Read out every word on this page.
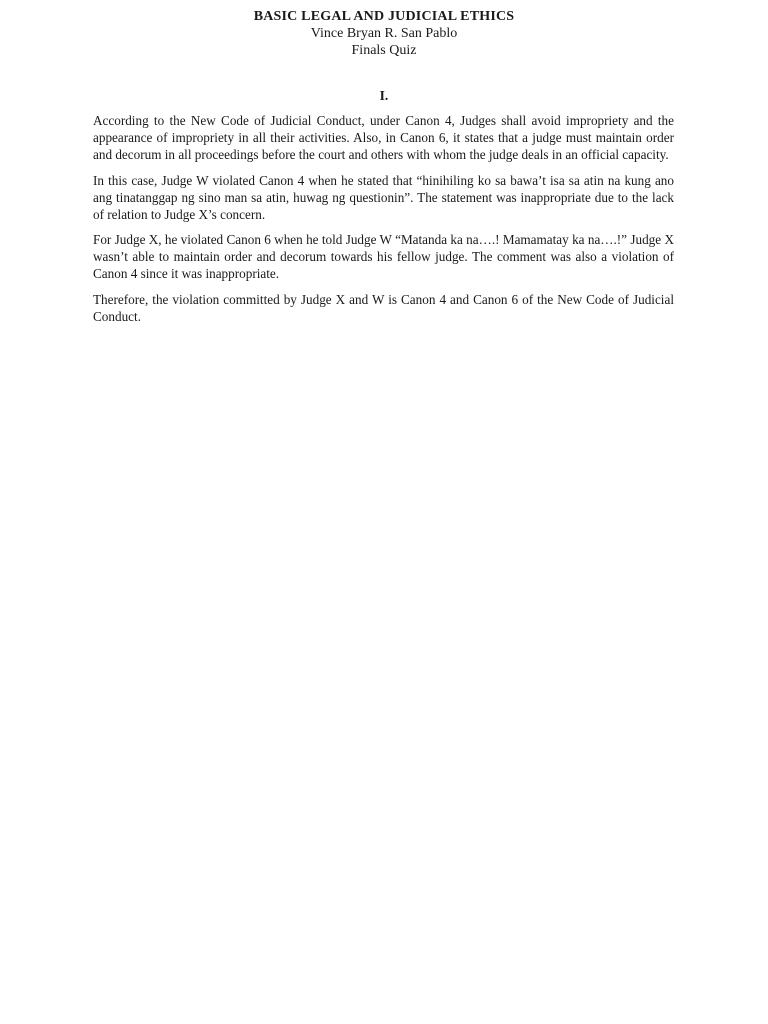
BASIC LEGAL AND JUDICIAL ETHICS

Vince Bryan R. San Pablo

Finals Quiz

I.

According to the New Code of Judicial Conduct, under Canon 4, Judges shall avoid impropriety and the appearance of impropriety in all their activities. Also, in Canon 6, it states that a judge must maintain order and decorum in all proceedings before the court and others with whom the judge deals in an official capacity.

In this case, Judge W violated Canon 4 when he stated that “hinihiling ko sa bawa’t isa sa atin na kung ano ang tinatanggap ng sino man sa atin, huwag ng questionin”. The statement was inappropriate due to the lack of relation to Judge X’s concern.

For Judge X, he violated Canon 6 when he told Judge W “Matanda ka na….! Mamamatay ka na….!” Judge X wasn’t able to maintain order and decorum towards his fellow judge. The comment was also a violation of Canon 4 since it was inappropriate.

Therefore, the violation committed by Judge X and W is Canon 4 and Canon 6 of the New Code of Judicial Conduct.
